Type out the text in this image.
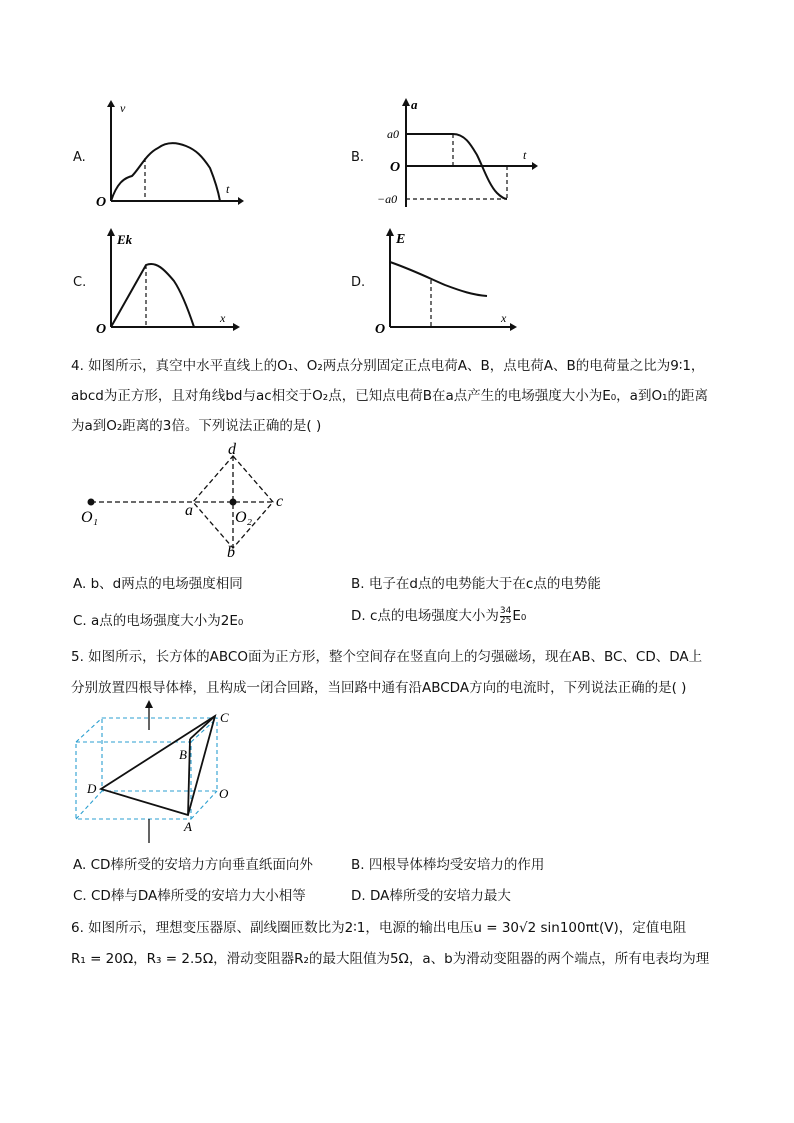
A.
v
t
O
B.
a
t
O
a0
−a0
C.
Ek
x
O
D.
E
x
O
4. 如图所示，真空中水平直线上的O₁、O₂两点分别固定正点电荷A、B，点电荷A、B的电荷量之比为9∶1，
abcd为正方形，且对角线bd与ac相交于O₂点，已知点电荷B在a点产生的电场强度大小为E₀，a到O₁的距离
为a到O₂距离的3倍。下列说法正确的是( )
O₁	O₂
a
b
c
d
A. b、d两点的电场强度相同	B. 电子在d点的电势能大于在c点的电势能
C. a点的电场强度大小为2E₀	D. c点的电场强度大小为 $\frac{34}{25} E_0$
5. 如图所示，长方体的ABCO面为正方形，整个空间存在竖直向上的匀强磁场，现在AB、BC、CD、DA上
分别放置四根导体棒，且构成一闭合回路，当回路中通有沿ABCDA方向的电流时，下列说法正确的是( )
C
B
D	O
A
A. CD棒所受的安培力方向垂直纸面向外	B. 四根导体棒均受安培力的作用
C. CD棒与DA棒所受的安培力大小相等	D. DA棒所受的安培力最大
6. 如图所示，理想变压器原、副线圈匝数比为2∶1，电源的输出电压u = 30√2 sin100πt(V)，定值电阻
R₁ = 20Ω，R₃ = 2.5Ω，滑动变阻器R₂的最大阻值为5Ω，a、b为滑动变阻器的两个端点，所有电表均为理
